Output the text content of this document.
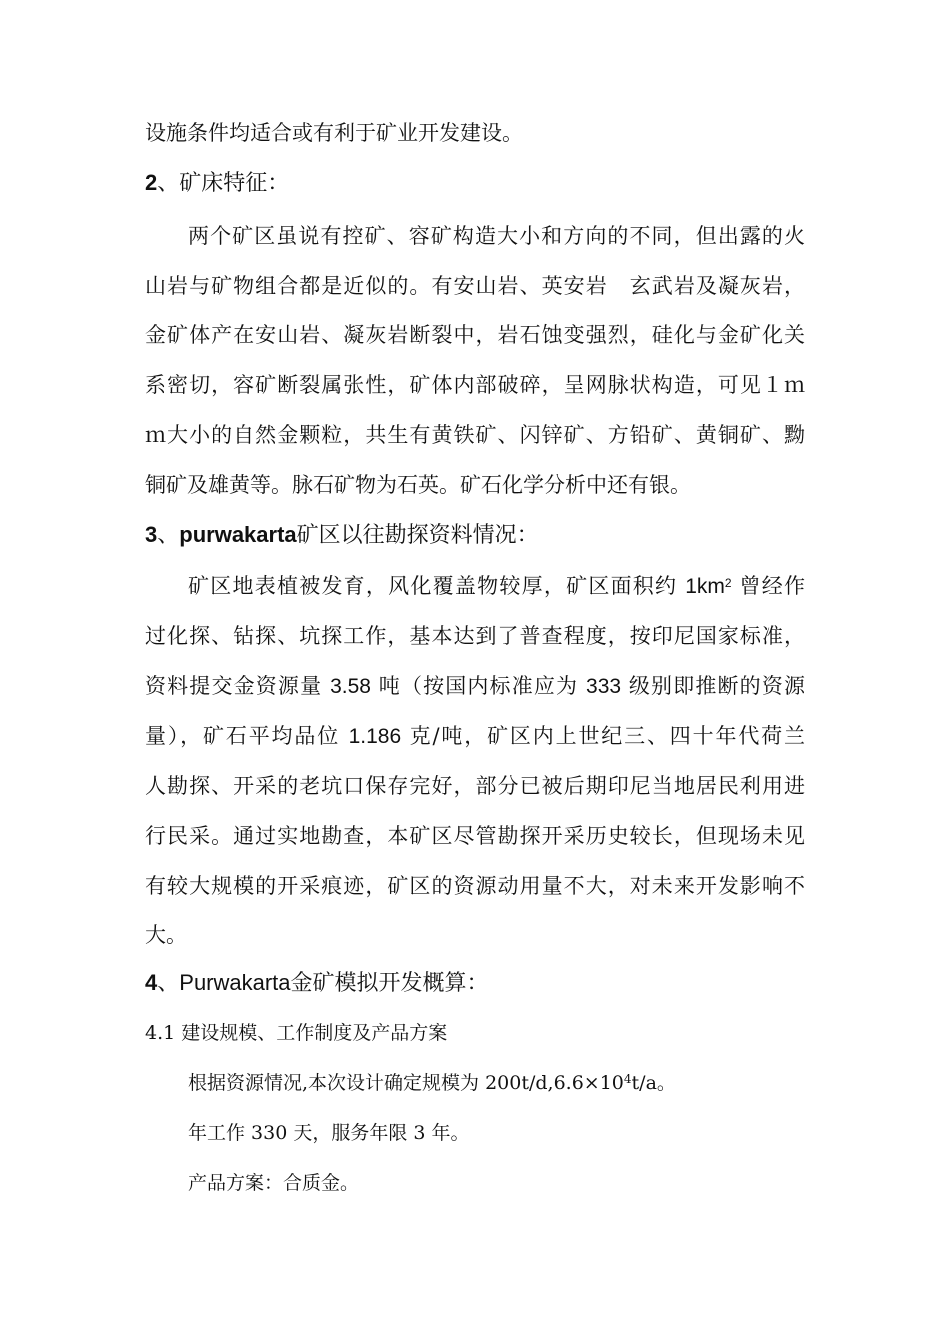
设施条件均适合或有利于矿业开发建设。
2、矿床特征：
两个矿区虽说有控矿、容矿构造大小和方向的不同，但出露的火
山岩与矿物组合都是近似的。有安山岩、英安岩　玄武岩及凝灰岩，
金矿体产在安山岩、凝灰岩断裂中，岩石蚀变强烈，硅化与金矿化关
系密切，容矿断裂属张性，矿体内部破碎，呈网脉状构造，可见１ｍ
ｍ大小的自然金颗粒，共生有黄铁矿、闪锌矿、方铅矿、黄铜矿、黝
铜矿及雄黄等。脉石矿物为石英。矿石化学分析中还有银。
3、purwakarta矿区以往勘探资料情况：
矿区地表植被发育，风化覆盖物较厚，矿区面积约 $1km^2$ 曾经作
过化探、钻探、坑探工作，基本达到了普查程度，按印尼国家标准，
资料提交金资源量 3.58 吨（按国内标准应为 333 级别即推断的资源
量），矿石平均品位 1.186 克/吨，矿区内上世纪三、四十年代荷兰
人勘探、开采的老坑口保存完好，部分已被后期印尼当地居民利用进
行民采。通过实地勘查，本矿区尽管勘探开采历史较长，但现场未见
有较大规模的开采痕迹，矿区的资源动用量不大，对未来开发影响不
大。
4、Purwakarta金矿模拟开发概算：
4.1 建设规模、工作制度及产品方案
根据资源情况,本次设计确定规模为 $200t/d,6.6\times 10^4t/a$。
年工作 330 天，服务年限 3 年。
产品方案：合质金。
